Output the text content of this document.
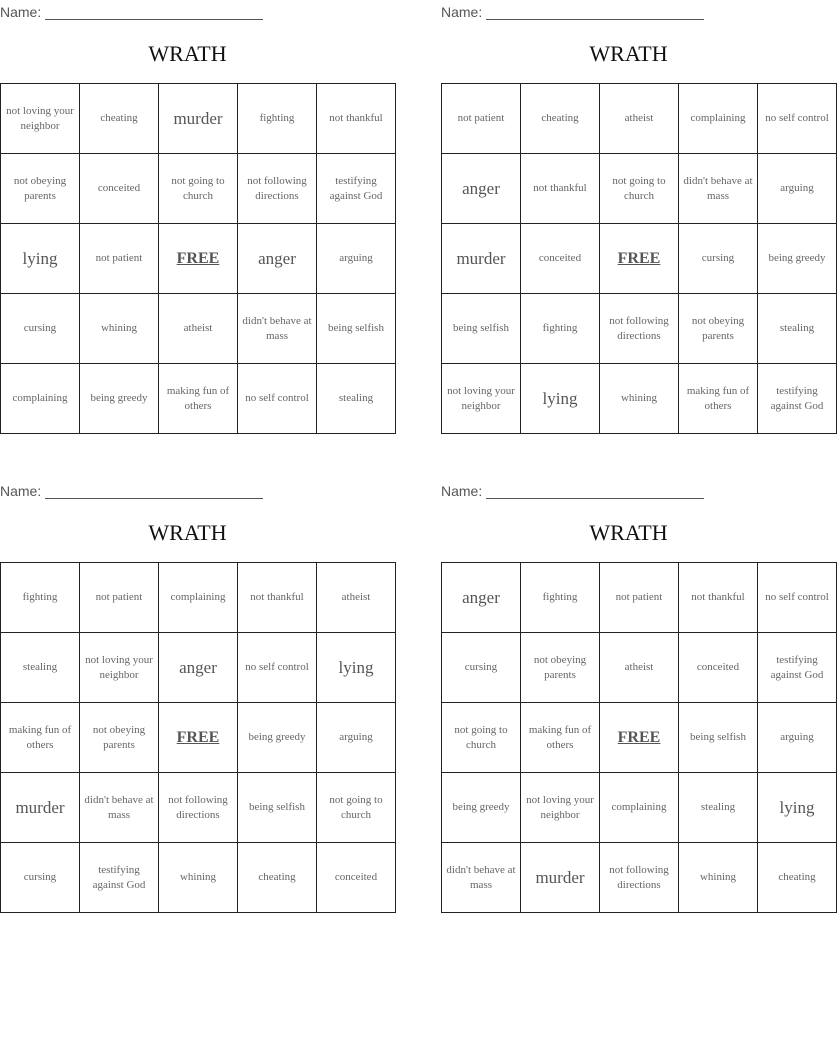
Name:
WRATH
not loving your neighbor	cheating	murder	fighting	not thankful
not obeying parents	conceited	not going to church	not following directions	testifying against God
lying	not patient	FREE	anger	arguing
cursing	whining	atheist	didn't behave at mass	being selfish
complaining	being greedy	making fun of others	no self control	stealing
Name:
WRATH
not patient	cheating	atheist	complaining	no self control
anger	not thankful	not going to church	didn't behave at mass	arguing
murder	conceited	FREE	cursing	being greedy
being selfish	fighting	not following directions	not obeying parents	stealing
not loving your neighbor	lying	whining	making fun of others	testifying against God
Name:
WRATH
fighting	not patient	complaining	not thankful	atheist
stealing	not loving your neighbor	anger	no self control	lying
making fun of others	not obeying parents	FREE	being greedy	arguing
murder	didn't behave at mass	not following directions	being selfish	not going to church
cursing	testifying against God	whining	cheating	conceited
Name:
WRATH
anger	fighting	not patient	not thankful	no self control
cursing	not obeying parents	atheist	conceited	testifying against God
not going to church	making fun of others	FREE	being selfish	arguing
being greedy	not loving your neighbor	complaining	stealing	lying
didn't behave at mass	murder	not following directions	whining	cheating
